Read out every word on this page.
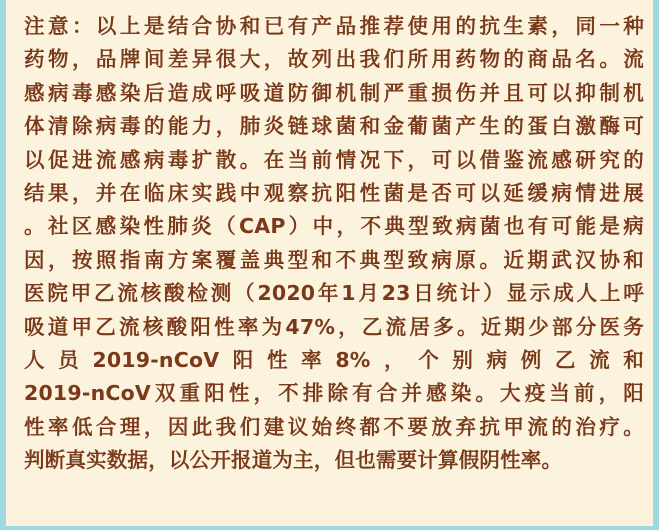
注意：以上是结合协和已有产品推荐使用的抗生素，同一种
药物，品牌间差异很大，故列出我们所用药物的商品名。流
感病毒感染后造成呼吸道防御机制严重损伤并且可以抑制机
体清除病毒的能力，肺炎链球菌和金葡菌产生的蛋白激酶可
以促进流感病毒扩散。在当前情况下，可以借鉴流感研究的
结果，并在临床实践中观察抗阳性菌是否可以延缓病情进展
。社区感染性肺炎（CAP）中，不典型致病菌也有可能是病
因，按照指南方案覆盖典型和不典型致病原。近期武汉协和
医院甲乙流核酸检测（2020年1月23日统计）显示成人上呼
吸道甲乙流核酸阳性率为47%，乙流居多。近期少部分医务
人员2019-nCoV阳性率8%，个别病例乙流和
2019-nCoV双重阳性，不排除有合并感染。大疫当前，阳
性率低合理，因此我们建议始终都不要放弃抗甲流的治疗。
判断真实数据，以公开报道为主，但也需要计算假阴性率。
